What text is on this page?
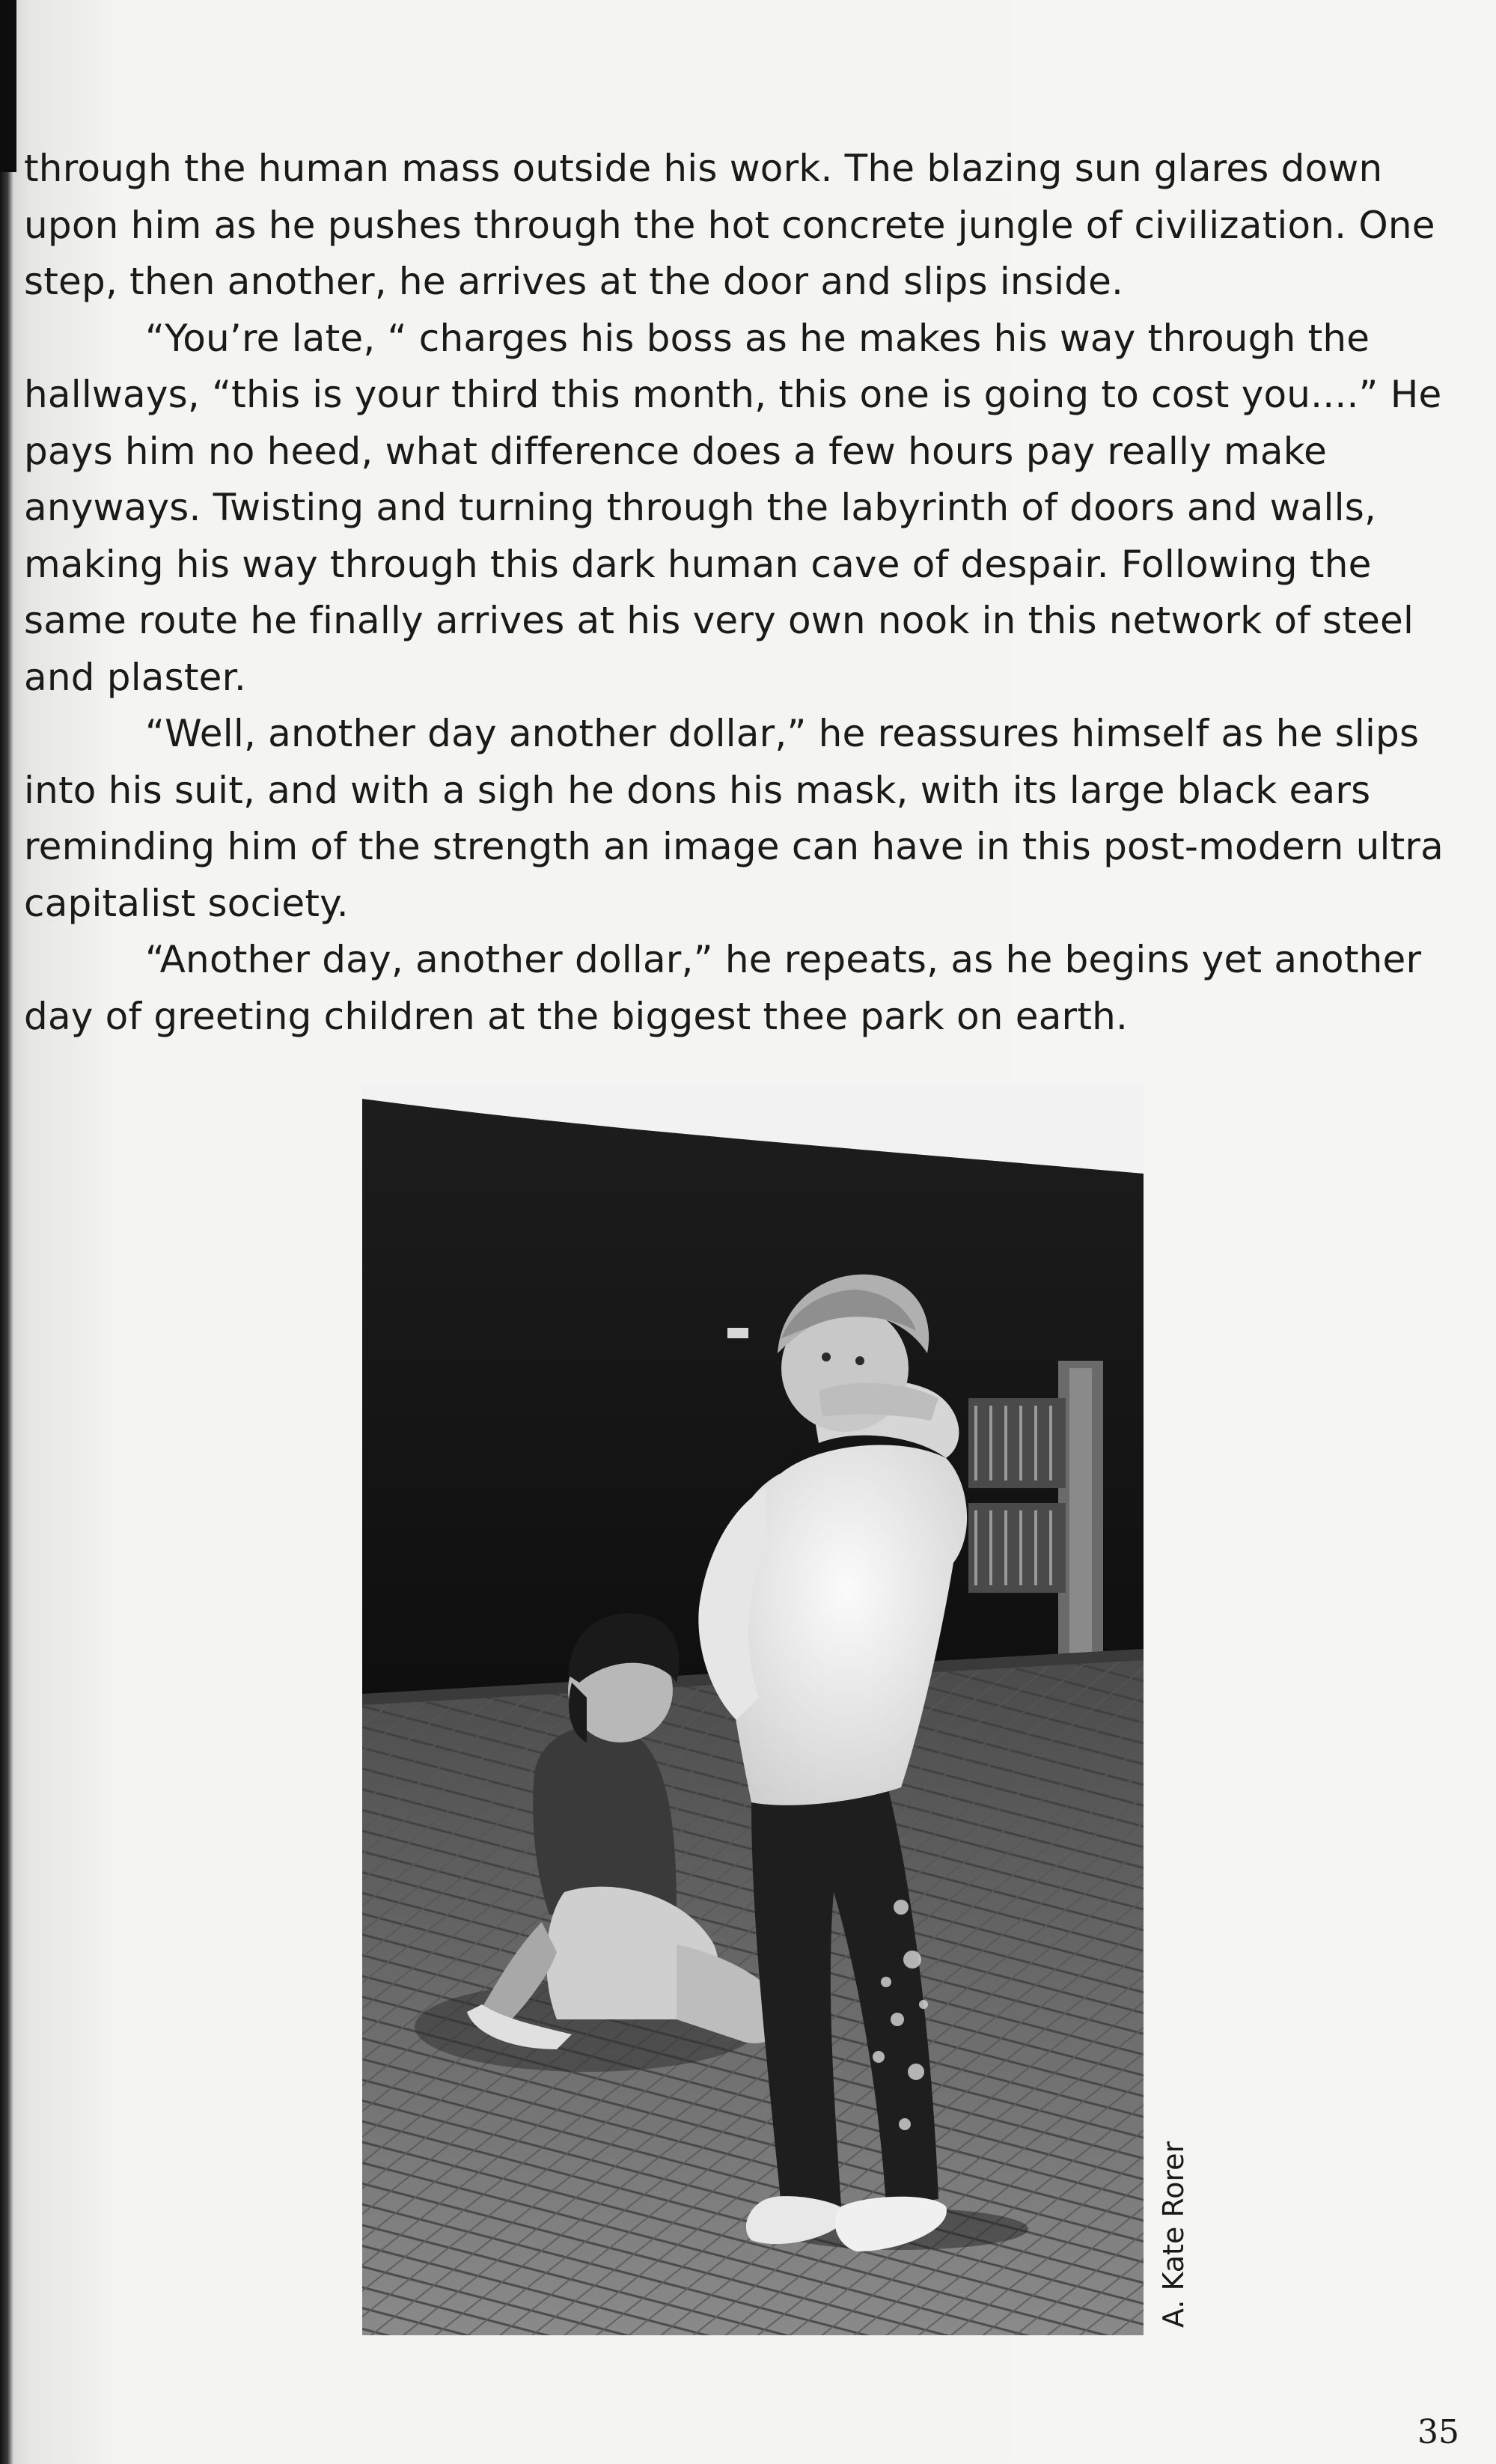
through the human mass outside his work. The blazing sun glares down upon him as he pushes through the hot concrete jungle of civilization. One step, then another, he arrives at the door and slips inside.

“You’re late, “ charges his boss as he makes his way through the hallways, “this is your third this month, this one is going to cost you....” He pays him no heed, what difference does a few hours pay really make anyways. Twisting and turning through the labyrinth of doors and walls, making his way through this dark human cave of despair. Following the same route he finally arrives at his very own nook in this network of steel and plaster.

“Well, another day another dollar,” he reassures himself as he slips into his suit, and with a sigh he dons his mask, with its large black ears reminding him of the strength an image can have in this post-modern ultra capitalist society.

“Another day, another dollar,” he repeats, as he begins yet another day of greeting children at the biggest thee park on earth.

A. Kate Rorer
35
